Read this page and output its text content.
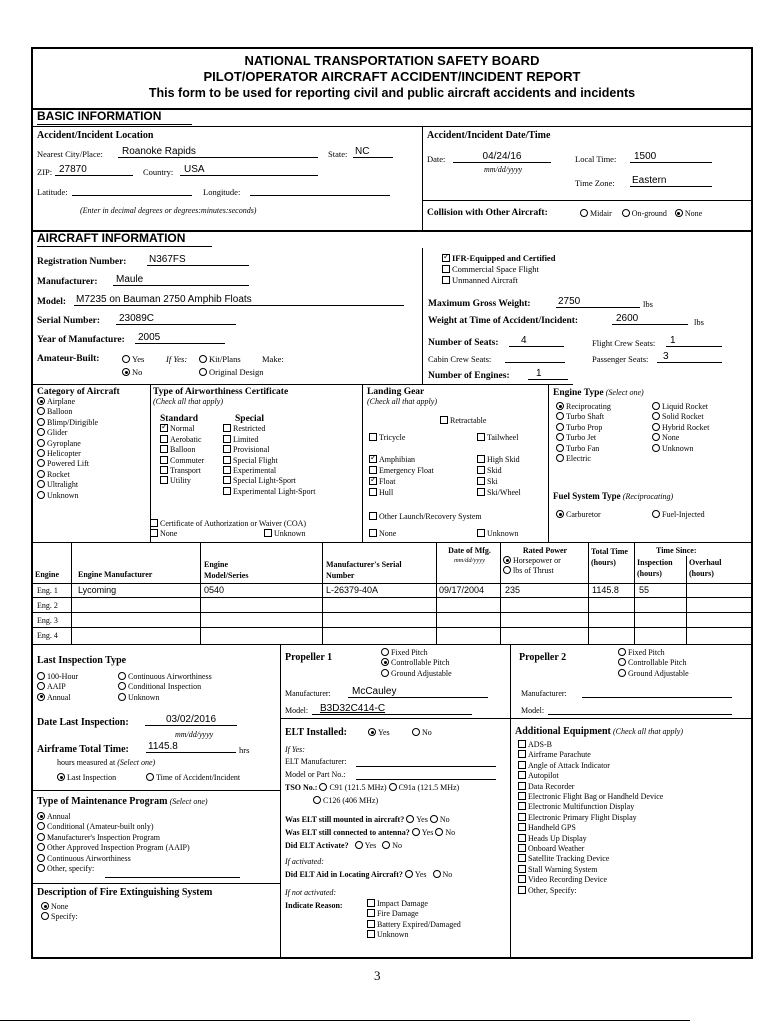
NATIONAL TRANSPORTATION SAFETY BOARD
PILOT/OPERATOR AIRCRAFT ACCIDENT/INCIDENT REPORT
This form to be used for reporting civil and public aircraft accidents and incidents
BASIC INFORMATION
Accident/Incident Location
Nearest City/Place:	Roanoke Rapids	State: NC
ZIP: 27870	Country:	USA
Latitude:	Longitude:
(Enter in decimal degrees or degrees:minutes:seconds)
Accident/Incident Date/Time
Date:	04/24/16
mm/dd/yyyy
Local Time:	1500
Time Zone: Eastern
Collision with Other Aircraft:	Midair	On-ground None
AIRCRAFT INFORMATION
Registration Number: N367FS
Manufacturer:	Maule
Model: M7235 on Bauman 2750 Amphib Floats
Serial Number:	23089C
Year of Manufacture:	2005
Amateur-Built:	Yes
No
If Yes:	Kit/Plans	Make:
Original Design
✓IFR-Equipped and Certified
Commercial Space Flight
Unmanned Aircraft
Maximum Gross Weight:	2750	lbs
Weight at Time of Accident/Incident:	2600	lbs
Number of Seats:	4	Flight Crew Seats:	1
Cabin Crew Seats:	Passenger Seats:	3
Number of Engines:	1
Category of Aircraft
Airplane
Balloon
Blimp/Dirigible
Glider
Gyroplane
Helicopter
Powered Lift
Rocket
Ultralight
Unknown
Type of Airworthiness Certificate
(Check all that apply)
Standard
✓Normal
Aerobatic
Balloon
Commuter
Transport
Utility
Special
Restricted
Limited
Provisional
Special Flight
Experimental
Special Light-Sport
Experimental Light-Sport
Certificate of Authorization or Waiver (COA)
None	Unknown
Landing Gear
(Check all that apply)
Retractable
Tricycle	Tailwheel
✓Amphibian	High Skid
Emergency Float	Skid
✓Float	Ski
Hull	Ski/Wheel
Other Launch/Recovery System
None	Unknown
Engine Type (Select one)
Reciprocating
Turbo Shaft
Turbo Prop
Turbo Jet
Turbo Fan
Electric
Liquid Rocket
Solid Rocket
Hybrid Rocket
None
Unknown
Fuel System Type (Reciprocating)
Carburetor	Fuel-Injected
Engine Engine Manufacturer
Engine Model/Series
Manufacturer's Serial Number
Date of Mfg.
mm/dd/yyyy
Rated Power
Horsepower or
lbs of Thrust
Total Time (hours)
Time Since:
Inspection (hours)
Overhaul (hours)
Eng. 1 Lycoming	0540	L-26379-40A	09/17/2004 235	1145.8 55
Eng. 2
Eng. 3
Eng. 4
Last Inspection Type
100-Hour
AAIP
Annual
Continuous Airworthiness
Conditional Inspection
Unknown
Date Last Inspection:	03/02/2016
mm/dd/yyyy
Airframe Total Time: 1145.8	hrs
hours measured at (Select one)
Last Inspection	Time of Accident/Incident
Type of Maintenance Program (Select one)
Annual
Conditional (Amateur-built only)
Manufacturer's Inspection Program
Other Approved Inspection Program (AAIP)
Continuous Airworthiness
Other, specify:
Description of Fire Extinguishing System
None
Specify:
Propeller 1	Fixed Pitch
Controllable Pitch
Ground Adjustable
Manufacturer:	McCauley
Model:	B3D32C414-C
Propeller 2	Fixed Pitch
Controllable Pitch
Ground Adjustable
Manufacturer:
Model:
ELT Installed:	Yes	No
If Yes:
ELT Manufacturer:
Model or Part No.:
TSO No.: C91 (121.5 MHz) C91a (121.5 MHz)
C126 (406 MHz)
Was ELT still mounted in aircraft? Yes No
Was ELT still connected to antenna? Yes No
Did ELT Activate? Yes No
If activated:
Did ELT Aid in Locating Aircraft? Yes No
If not activated:
Indicate Reason:	Impact Damage
Fire Damage
Battery Expired/Damaged
Unknown
Additional Equipment (Check all that apply)
ADS-B
Airframe Parachute
Angle of Attack Indicator
Autopilot
Data Recorder
Electronic Flight Bag or Handheld Device
Electronic Multifunction Display
Electronic Primary Flight Display
Handheld GPS
Heads Up Display
Onboard Weather
Satellite Tracking Device
Stall Warning System
Video Recording Device
Other, Specify:
3
